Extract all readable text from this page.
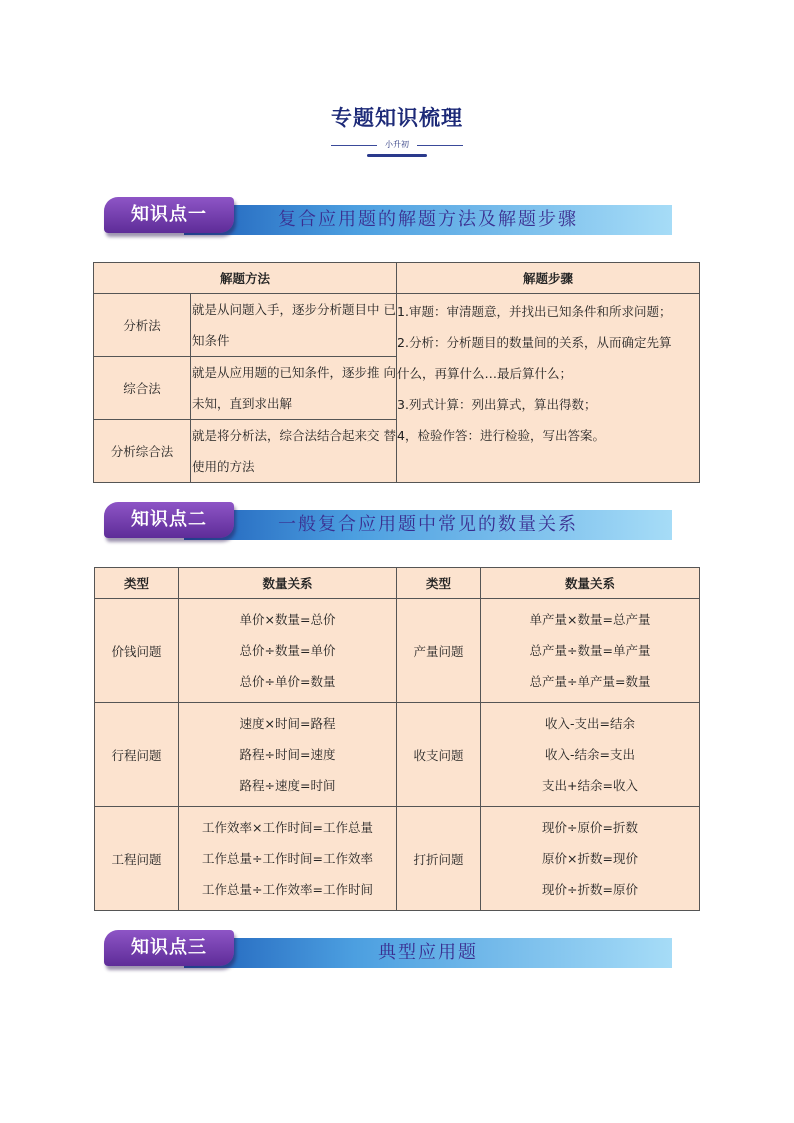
专题知识梳理
小升初
复合应用题的解题方法及解题步骤
知识点一
解题方法		解题步骤
分析法	就是从问题入手，逐步分析题目中 已知条件	1.审题：审清题意，并找出已知条件和所求问题；
2.分析：分析题目的数量间的关系，从而确定先算
什么，再算什么…最后算什么；
3.列式计算：列出算式，算出得数；
4，检验作答：进行检验，写出答案。

综合法	就是从应用题的已知条件，逐步推 向未知，直到求出解	
分析综合法	就是将分析法，综合法结合起来交 替使用的方法	
一般复合应用题中常见的数量关系
知识点二
类型	数量关系	类型	数量关系
价钱问题	单价×数量=总价
总价÷数量=单价
总价÷单价=数量	产量问题	单产量×数量=总产量
总产量÷数量=单产量
总产量÷单产量=数量

行程问题	速度×时间=路程
路程÷时间=速度
路程÷速度=时间	收支问题	收入-支出=结余
收入-结余=支出
支出+结余=收入

工程问题	工作效率×工作时间=工作总量
工作总量÷工作时间=工作效率
工作总量÷工作效率=工作时间	打折问题	现价÷原价=折数
原价×折数=现价
现价÷折数=原价
典型应用题
知识点三
